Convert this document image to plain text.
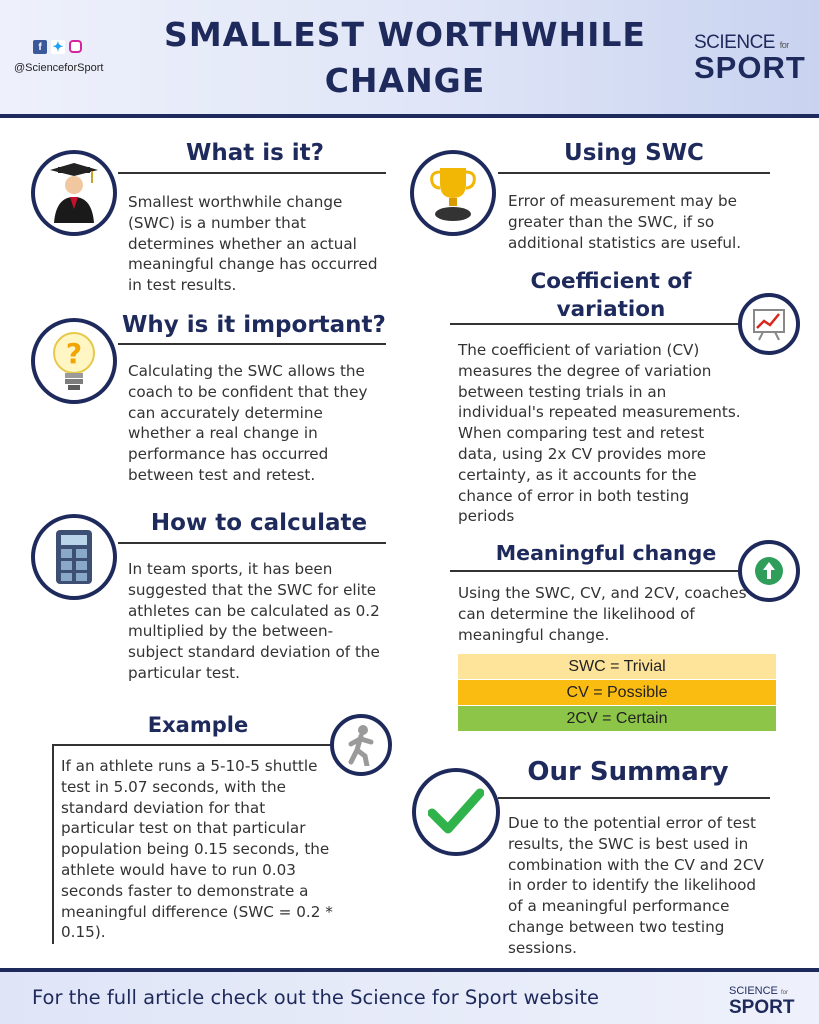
f ✦
@ScienceforSport
SMALLEST WORTHWHILE
CHANGE
SCIENCE for
SPORT
What is it?
Smallest worthwhile change (SWC) is a number that determines whether an actual meaningful change has occurred in test results.
?
Why is it important?
Calculating the SWC allows the coach to be confident that they can accurately determine whether a real change in performance has occurred between test and retest.
How to calculate
In team sports, it has been suggested that the SWC for elite athletes can be calculated as 0.2 multiplied by the between-subject standard deviation of the particular test.
Example
If an athlete runs a 5-10-5 shuttle test in 5.07 seconds, with the standard deviation for that particular test on that particular population being 0.15 seconds, the athlete would have to run 0.03 seconds faster to demonstrate a meaningful difference (SWC = 0.2 * 0.15).
Using SWC
Error of measurement may be greater than the SWC, if so additional statistics are useful.
Coefficient of
variation
The coefficient of variation (CV) measures the degree of variation between testing trials in an individual's repeated measurements. When comparing test and retest data, using 2x CV provides more certainty, as it accounts for the chance of error in both testing periods
Meaningful change
Using the SWC, CV, and 2CV, coaches can determine the likelihood of meaningful change.
SWC = Trivial
CV = Possible
2CV = Certain
Our Summary
Due to the potential error of test results, the SWC is best used in combination with the CV and 2CV in order to identify the likelihood of a meaningful performance change between two testing sessions.
For the full article check out the Science for Sport website	SCIENCE for
SPORT
